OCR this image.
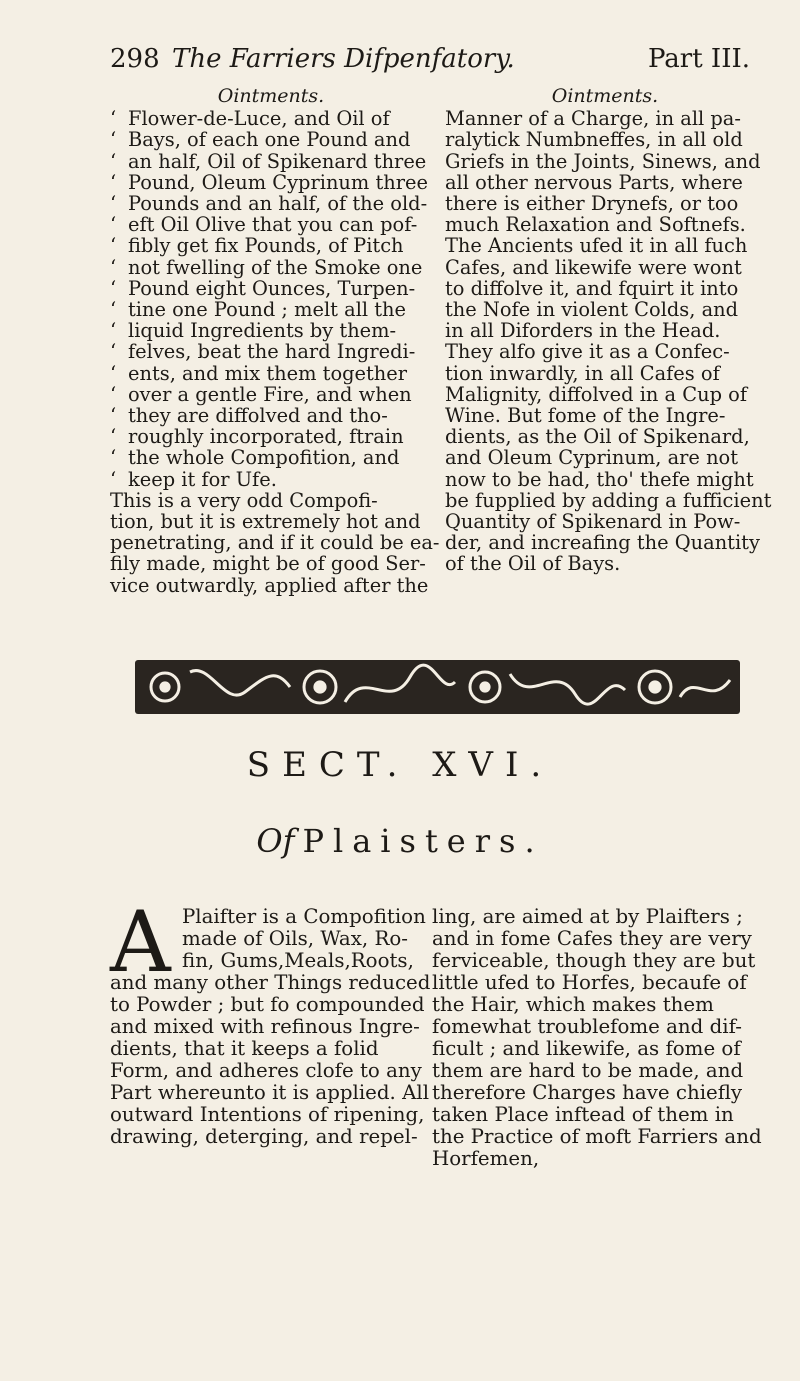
298 The Farriers Difpenfatory.	Part III.
Ointments.
‘ Flower-de-Luce, and Oil of
‘ Bays, of each one Pound and
‘ an half, Oil of Spikenard three
‘ Pound, Oleum Cyprinum three
‘ Pounds and an half, of the old-
‘ eft Oil Olive that you can pof-
‘ fibly get fix Pounds, of Pitch
‘ not fwelling of the Smoke one
‘ Pound eight Ounces, Turpen-
‘ tine one Pound ; melt all the
‘ liquid Ingredients by them-
‘ felves, beat the hard Ingredi-
‘ ents, and mix them together
‘ over a gentle Fire, and when
‘ they are diffolved and tho-
‘ roughly incorporated, ftrain
‘ the whole Compofition, and
‘ keep it for Ufe.
This is a very odd Compofi-
tion, but it is extremely hot and
penetrating, and if it could be ea-
fily made, might be of good Ser-
vice outwardly, applied after the
Ointments.
Manner of a Charge, in all pa-
ralytick Numbneffes, in all old
Griefs in the Joints, Sinews, and
all other nervous Parts, where
there is either Drynefs, or too
much Relaxation and Softnefs.
The Ancients ufed it in all fuch
Cafes, and likewife were wont
to diffolve it, and fquirt it into
the Nofe in violent Colds, and
in all Diforders in the Head.
They alfo give it as a Confec-
tion inwardly, in all Cafes of
Malignity, diffolved in a Cup of
Wine. But fome of the Ingre-
dients, as the Oil of Spikenard,
and Oleum Cyprinum, are not
now to be had, tho' thefe might
be fupplied by adding a fufficient
Quantity of Spikenard in Pow-
der, and increafing the Quantity
of the Oil of Bays.
SECT. XVI.
Of Plaisters.
A Plaifter is a Compofition
made of Oils, Wax, Ro-
fin, Gums,Meals,Roots,
and many other Things reduced
to Powder ; but fo compounded
and mixed with refinous Ingre-
dients, that it keeps a folid
Form, and adheres clofe to any
Part whereunto it is applied. All
outward Intentions of ripening,
drawing, deterging, and repel-
ling, are aimed at by Plaifters ;
and in fome Cafes they are very
ferviceable, though they are but
little ufed to Horfes, becaufe of
the Hair, which makes them
fomewhat troublefome and dif-
ficult ; and likewife, as fome of
them are hard to be made, and
therefore Charges have chiefly
taken Place inftead of them in
the Practice of moft Farriers and
Horfemen,
